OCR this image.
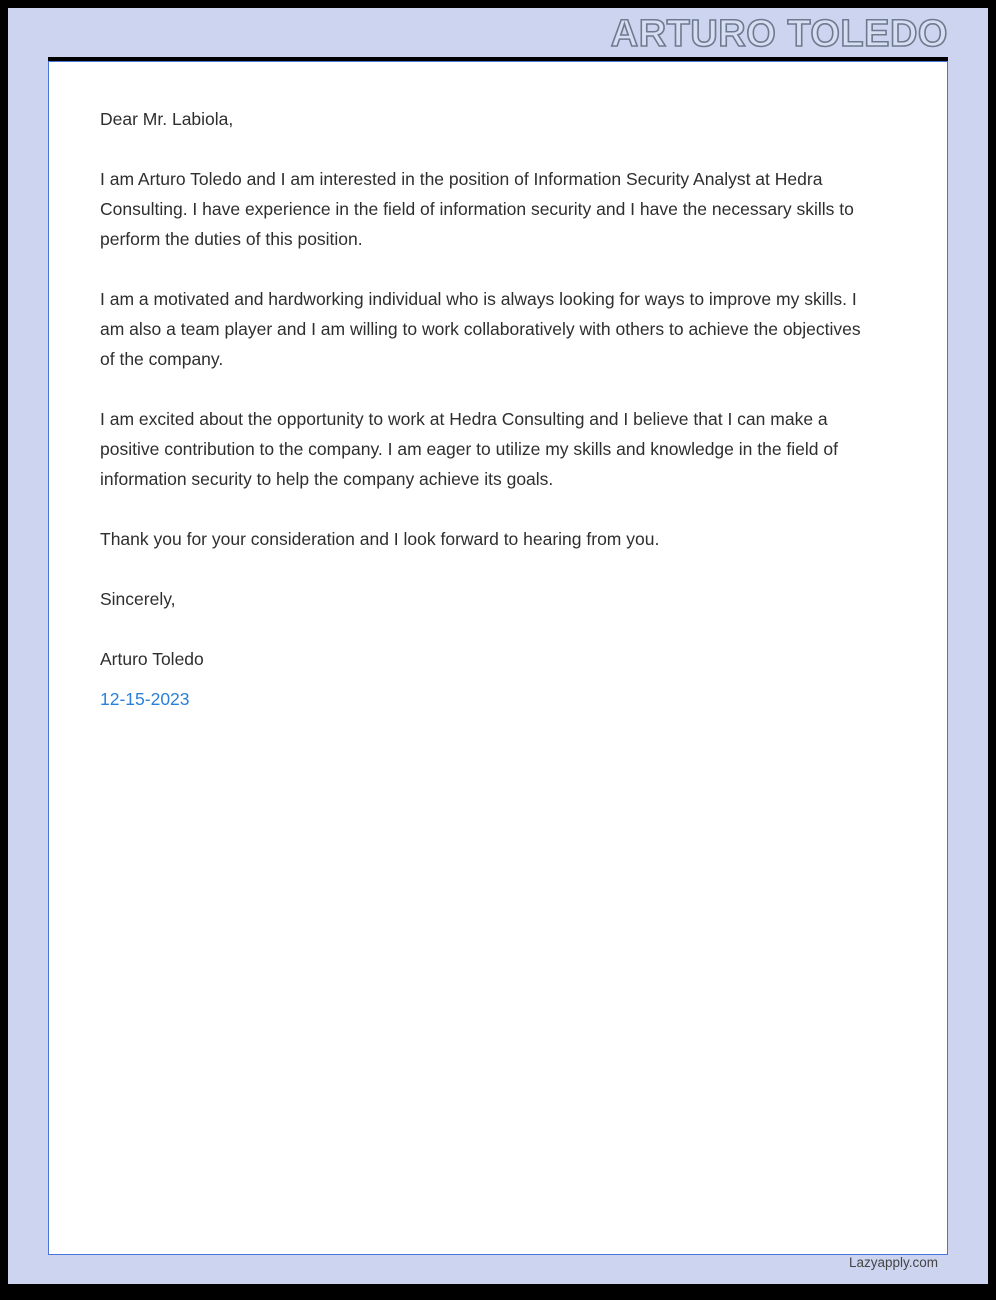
ARTURO TOLEDO

Dear Mr. Labiola,

I am Arturo Toledo and I am interested in the position of Information Security Analyst at Hedra Consulting. I have experience in the field of information security and I have the necessary skills to perform the duties of this position.

I am a motivated and hardworking individual who is always looking for ways to improve my skills. I am also a team player and I am willing to work collaboratively with others to achieve the objectives of the company.

I am excited about the opportunity to work at Hedra Consulting and I believe that I can make a positive contribution to the company. I am eager to utilize my skills and knowledge in the field of information security to help the company achieve its goals.

Thank you for your consideration and I look forward to hearing from you.

Sincerely,

Arturo Toledo

12-15-2023

Lazyapply.com
